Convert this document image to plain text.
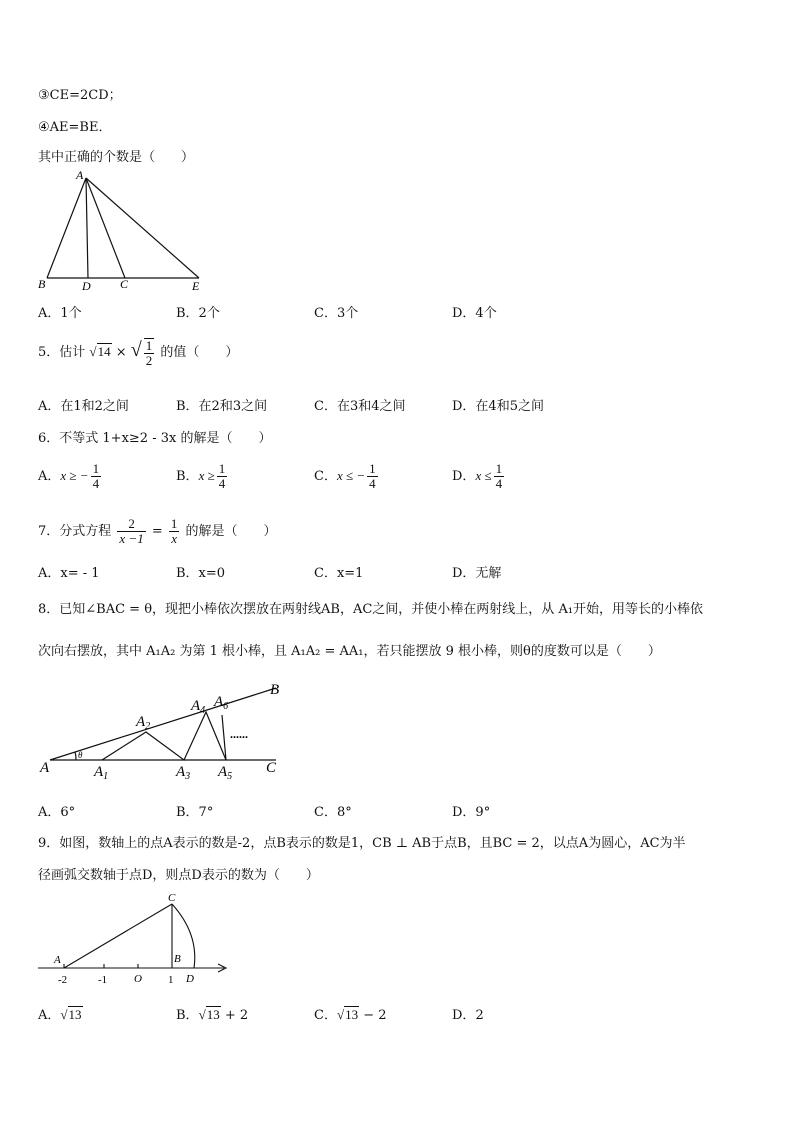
③CE=2CD；
④AE=BE．
其中正确的个数是（　　）
A
B	D C	E
A．1个	B．2个	C．3个	D．4个
5．估计 √14 × √ $\frac{1}{2}$ 的值（　　）
A．在1和2之间	B．在2和3之间	C．在3和4之间	D．在4和5之间
6．不等式 1+x≥2 - 3x 的解是（　　）
A．x ≥ − $\frac{1}{4}$	B．$x \ge \frac{1}{4}$	C．x ≤ − $\frac{1}{4}$	D．$x \le \frac{1}{4}$
7．分式方程 $\frac{2}{x -1} = \frac{1}{x}$ 的解是（　　）
A．x= - 1	B．x=0	C．x=1	D．无解
8．已知∠BAC = θ，现把小棒依次摆放在两射线AB，AC之间，并使小棒在两射线上，从 A₁开始，用等长的小棒依
次向右摆放，其中 A₁A₂ 为第 1 根小棒，且 A₁A₂ = AA₁，若只能摆放 9 根小棒，则θ的度数可以是（　　）
A
θ
$A_1$
$A_2$
$A_3$
$A_4$
$A_6$
$A_5$
......
B
C
A．6°	B．7°	C．8°	D．9°
9．如图，数轴上的点A表示的数是-2，点B表示的数是1，CB ⊥ AB于点B，且BC = 2，以点A为圆心，AC为半
径画弧交数轴于点D，则点D表示的数为（　　）
C
A	B
D
O
-2	-1	1
A．√13	B．√13 + 2	C．√13 − 2	D．2
